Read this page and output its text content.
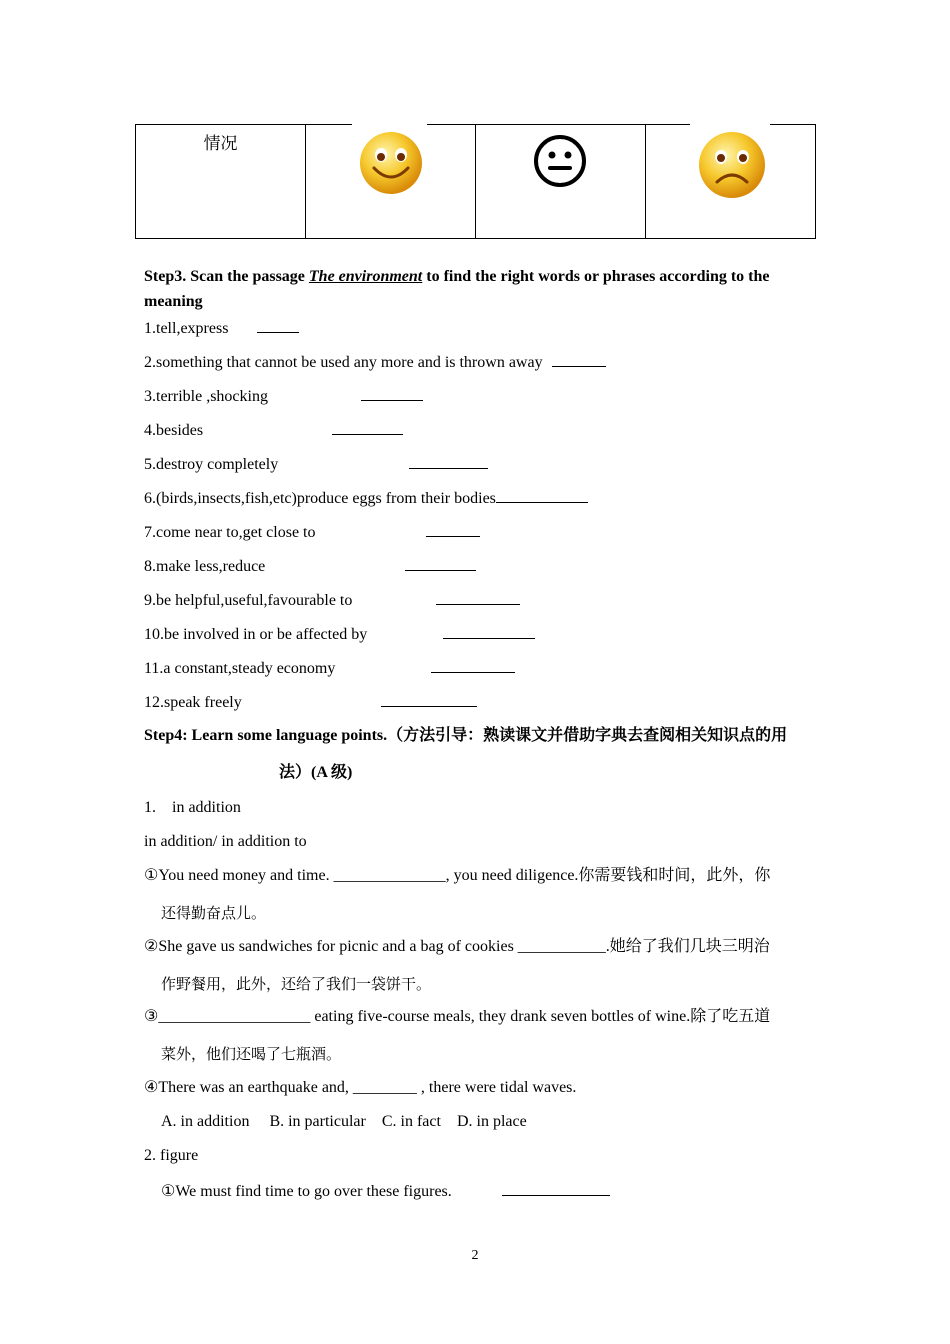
情况

Step3. Scan the passage The environment to find the right words or phrases according to the
meaning
1.tell,express
2.something that cannot be used any more and is thrown away
3.terrible ,shocking
4.besides
5.destroy completely
6.(birds,insects,fish,etc)produce eggs from their bodies
7.come near to,get close to
8.make less,reduce
9.be helpful,useful,favourable to
10.be involved in or be affected by
11.a constant,steady economy
12.speak freely
Step4: Learn some language points.（方法引导：熟读课文并借助字典去查阅相关知识点的用
法）(A 级)
1.　in addition
in addition/ in addition to
①You need money and time. ______________, you need diligence.你需要钱和时间，此外，你
还得勤奋点儿。
②She gave us sandwiches for picnic and a bag of cookies ___________.她给了我们几块三明治
作野餐用，此外，还给了我们一袋饼干。
③___________________ eating five-course meals, they drank seven bottles of wine.除了吃五道
菜外，他们还喝了七瓶酒。
④There was an earthquake and, ________ , there were tidal waves.
A. in addition　 B. in particular　C. in fact　D. in place
2. figure
①We must find time to go over these figures.
2
